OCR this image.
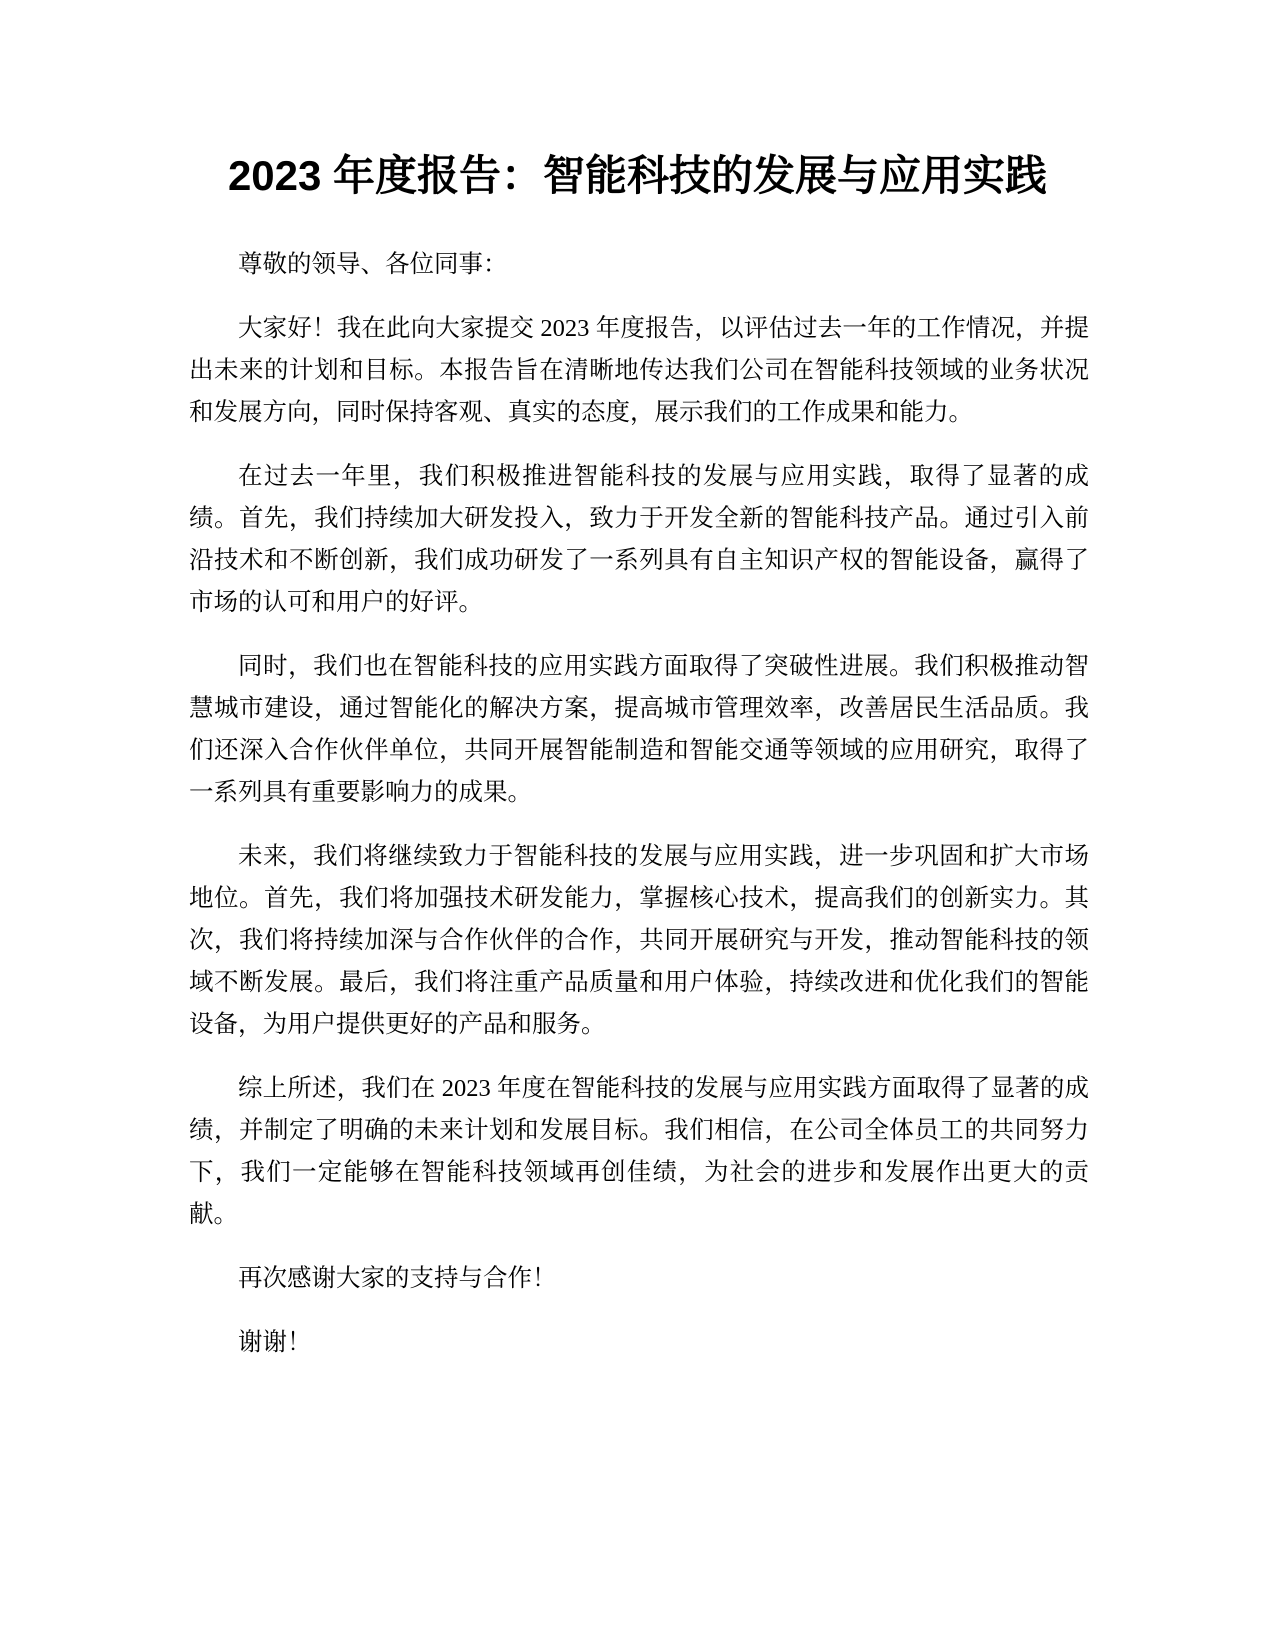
2023 年度报告：智能科技的发展与应用实践

尊敬的领导、各位同事：

大家好！我在此向大家提交 2023 年度报告，以评估过去一年的工作情况，并提出未来的计划和目标。本报告旨在清晰地传达我们公司在智能科技领域的业务状况和发展方向，同时保持客观、真实的态度，展示我们的工作成果和能力。

在过去一年里，我们积极推进智能科技的发展与应用实践，取得了显著的成绩。首先，我们持续加大研发投入，致力于开发全新的智能科技产品。通过引入前沿技术和不断创新，我们成功研发了一系列具有自主知识产权的智能设备，赢得了市场的认可和用户的好评。

同时，我们也在智能科技的应用实践方面取得了突破性进展。我们积极推动智慧城市建设，通过智能化的解决方案，提高城市管理效率，改善居民生活品质。我们还深入合作伙伴单位，共同开展智能制造和智能交通等领域的应用研究，取得了一系列具有重要影响力的成果。

未来，我们将继续致力于智能科技的发展与应用实践，进一步巩固和扩大市场地位。首先，我们将加强技术研发能力，掌握核心技术，提高我们的创新实力。其次，我们将持续加深与合作伙伴的合作，共同开展研究与开发，推动智能科技的领域不断发展。最后，我们将注重产品质量和用户体验，持续改进和优化我们的智能设备，为用户提供更好的产品和服务。

综上所述，我们在 2023 年度在智能科技的发展与应用实践方面取得了显著的成绩，并制定了明确的未来计划和发展目标。我们相信，在公司全体员工的共同努力下，我们一定能够在智能科技领域再创佳绩，为社会的进步和发展作出更大的贡献。

再次感谢大家的支持与合作！

谢谢！
